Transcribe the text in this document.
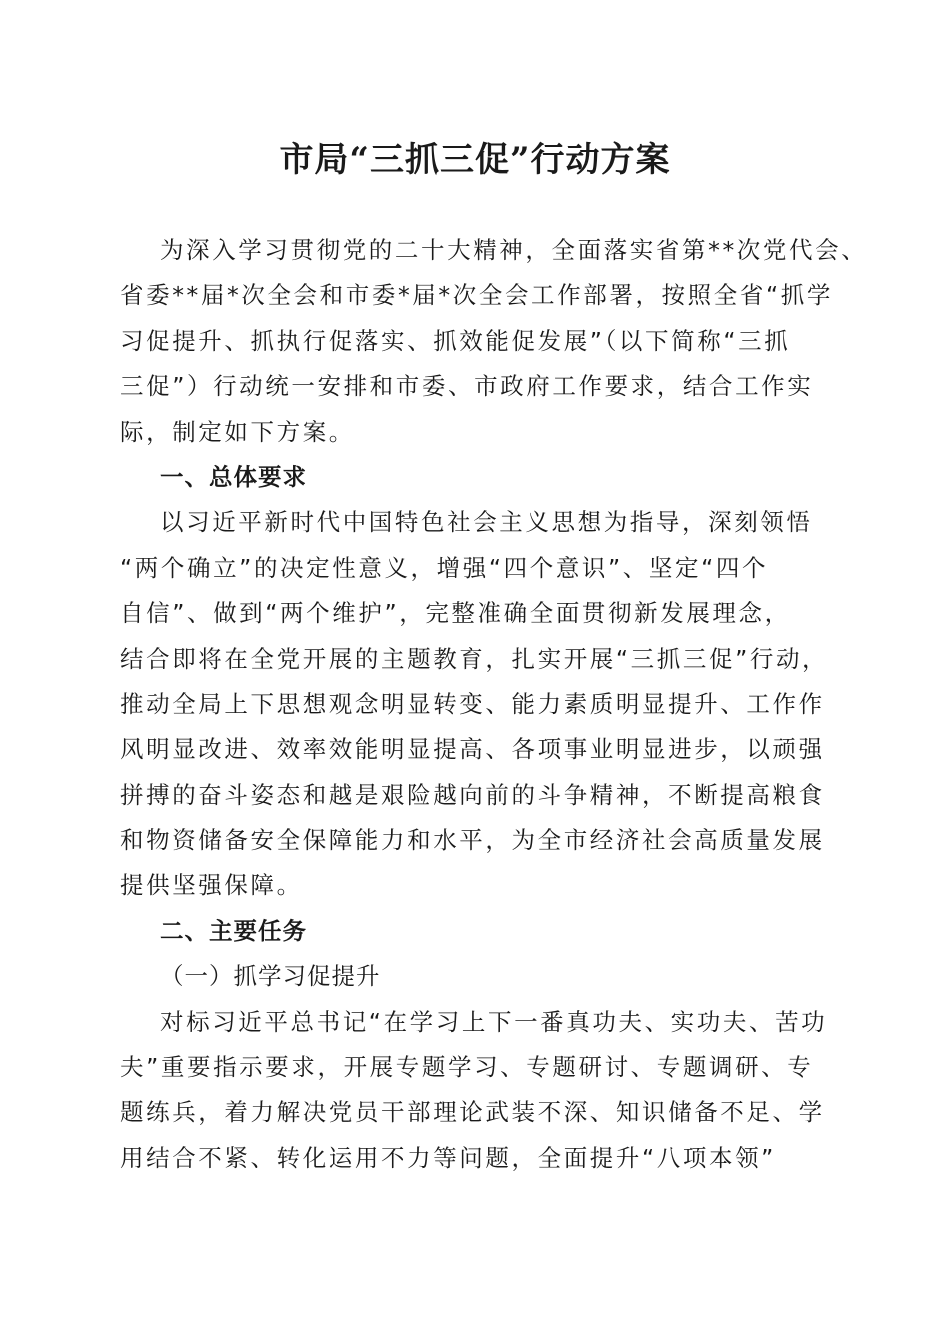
市局“三抓三促”行动方案
为深入学习贯彻党的二十大精神，全面落实省第**次党代会、
省委**届*次全会和市委*届*次全会工作部署，按照全省“抓学
习促提升、抓执行促落实、抓效能促发展”（以下简称“三抓
三促”）行动统一安排和市委、市政府工作要求，结合工作实
际，制定如下方案。
一、总体要求
以习近平新时代中国特色社会主义思想为指导，深刻领悟
“两个确立”的决定性意义，增强“四个意识”、坚定“四个
自信”、做到“两个维护”，完整准确全面贯彻新发展理念，
结合即将在全党开展的主题教育，扎实开展“三抓三促”行动，
推动全局上下思想观念明显转变、能力素质明显提升、工作作
风明显改进、效率效能明显提高、各项事业明显进步，以顽强
拼搏的奋斗姿态和越是艰险越向前的斗争精神，不断提高粮食
和物资储备安全保障能力和水平，为全市经济社会高质量发展
提供坚强保障。
二、主要任务
（一）抓学习促提升
对标习近平总书记“在学习上下一番真功夫、实功夫、苦功
夫”重要指示要求，开展专题学习、专题研讨、专题调研、专
题练兵，着力解决党员干部理论武装不深、知识储备不足、学
用结合不紧、转化运用不力等问题，全面提升“八项本领”
